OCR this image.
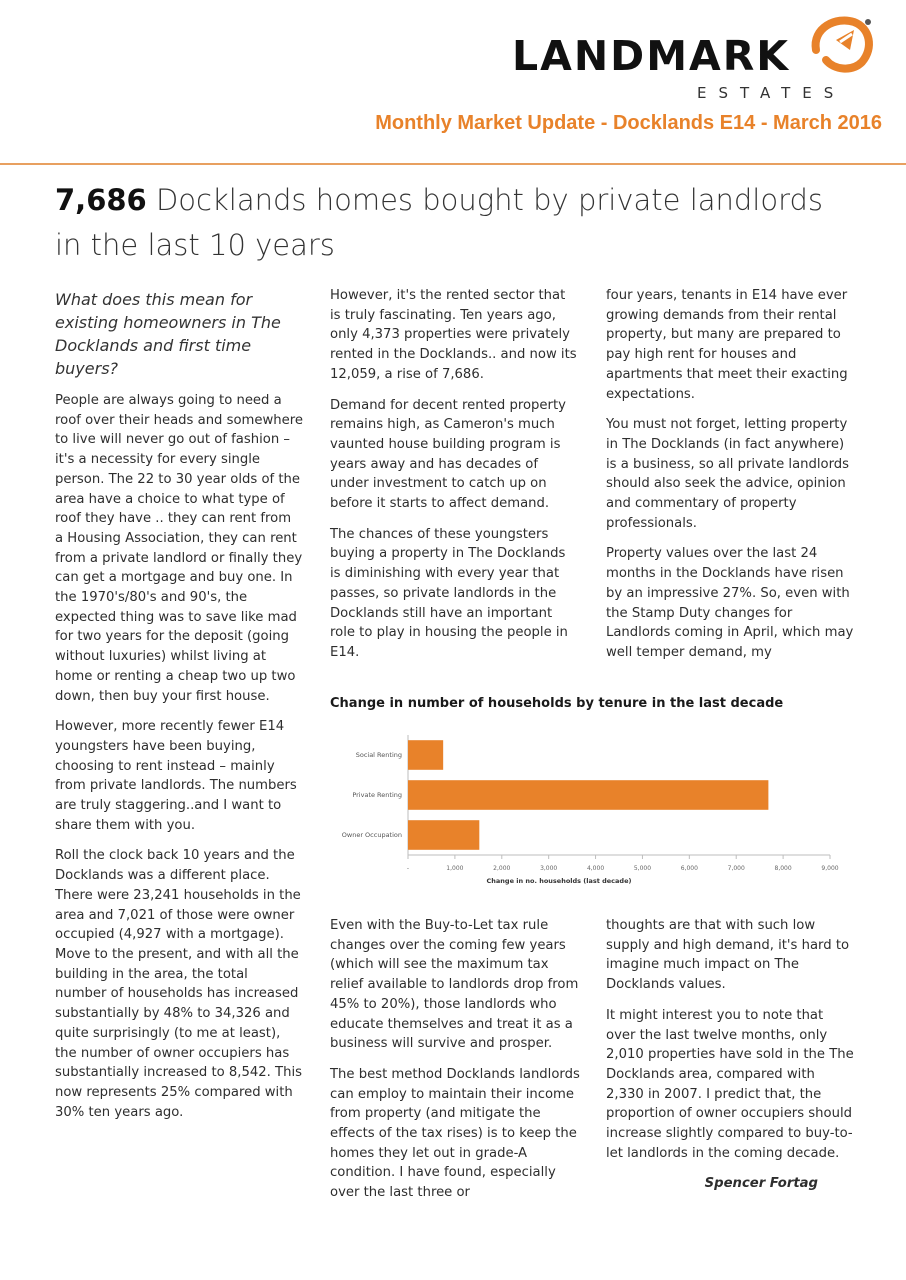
LANDMARK
ESTATES
Monthly Market Update - Docklands E14 - March 2016
7,686 Docklands homes bought by private landlords in the last 10 years
What does this mean for existing homeowners in The Docklands and first time buyers?

People are always going to need a roof over their heads and somewhere to live will never go out of fashion – it's a necessity for every single person. The 22 to 30 year olds of the area have a choice to what type of roof they have .. they can rent from a Housing Association, they can rent from a private landlord or finally they can get a mortgage and buy one. In the 1970's/80's and 90's, the expected thing was to save like mad for two years for the deposit (going without luxuries) whilst living at home or renting a cheap two up two down, then buy your first house.

However, more recently fewer E14 youngsters have been buying, choosing to rent instead – mainly from private landlords. The numbers are truly staggering..and I want to share them with you.

Roll the clock back 10 years and the Docklands was a different place. There were 23,241 households in the area and 7,021 of those were owner occupied (4,927 with a mortgage). Move to the present, and with all the building in the area, the total number of households has increased substantially by 48% to 34,326 and quite surprisingly (to me at least), the number of owner occupiers has substantially increased to 8,542. This now represents 25% compared with 30% ten years ago.

However, it's the rented sector that is truly fascinating. Ten years ago, only 4,373 properties were privately rented in the Docklands.. and now its 12,059, a rise of 7,686.

Demand for decent rented property remains high, as Cameron's much vaunted house building program is years away and has decades of under investment to catch up on before it starts to affect demand.

The chances of these youngsters buying a property in The Docklands is diminishing with every year that passes, so private landlords in the Docklands still have an important role to play in housing the people in E14.

four years, tenants in E14 have ever growing demands from their rental property, but many are prepared to pay high rent for houses and apartments that meet their exacting expectations.

You must not forget, letting property in The Docklands (in fact anywhere) is a business, so all private landlords should also seek the advice, opinion and commentary of property professionals.

Property values over the last 24 months in the Docklands have risen by an impressive 27%. So, even with the Stamp Duty changes for Landlords coming in April, which may well temper demand, my

Change in number of households by tenure in the last decade
-	1,000	2,000	3,000	4,000	5,000	6,000	7,000	8,000	9,000
Social Renting
Private Renting
Owner Occupation
Change in no. households (last decade)

Even with the Buy-to-Let tax rule changes over the coming few years (which will see the maximum tax relief available to landlords drop from 45% to 20%), those landlords who educate themselves and treat it as a business will survive and prosper.

The best method Docklands landlords can employ to maintain their income from property (and mitigate the effects of the tax rises) is to keep the homes they let out in grade-A condition. I have found, especially over the last three or

thoughts are that with such low supply and high demand, it's hard to imagine much impact on The Docklands values.

It might interest you to note that over the last twelve months, only 2,010 properties have sold in the The Docklands area, compared with 2,330 in 2007. I predict that, the proportion of owner occupiers should increase slightly compared to buy-to-let landlords in the coming decade.

Spencer Fortag
